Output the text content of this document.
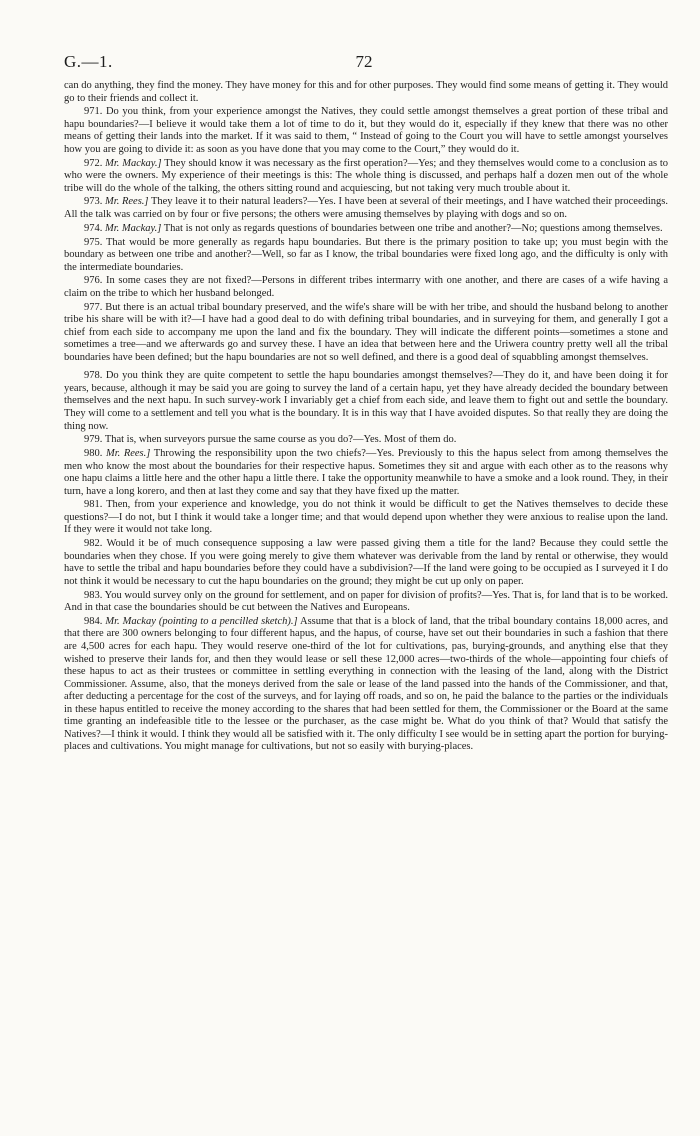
G.—1.	72

can do anything, they find the money. They have money for this and for other purposes. They would find some means of getting it. They would go to their friends and collect it.

971. Do you think, from your experience amongst the Natives, they could settle amongst themselves a great portion of these tribal and hapu boundaries?—I believe it would take them a lot of time to do it, but they would do it, especially if they knew that there was no other means of getting their lands into the market. If it was said to them, “ Instead of going to the Court you will have to settle amongst yourselves how you are going to divide it: as soon as you have done that you may come to the Court,” they would do it.

972. Mr. Mackay.] They should know it was necessary as the first operation?—Yes; and they themselves would come to a conclusion as to who were the owners. My experience of their meetings is this: The whole thing is discussed, and perhaps half a dozen men out of the whole tribe will do the whole of the talking, the others sitting round and acquiescing, but not taking very much trouble about it.

973. Mr. Rees.] They leave it to their natural leaders?—Yes. I have been at several of their meetings, and I have watched their proceedings. All the talk was carried on by four or five persons; the others were amusing themselves by playing with dogs and so on.

974. Mr. Mackay.] That is not only as regards questions of boundaries between one tribe and another?—No; questions among themselves.

975. That would be more generally as regards hapu boundaries. But there is the primary position to take up; you must begin with the boundary as between one tribe and another?—Well, so far as I know, the tribal boundaries were fixed long ago, and the difficulty is only with the intermediate boundaries.

976. In some cases they are not fixed?—Persons in different tribes intermarry with one another, and there are cases of a wife having a claim on the tribe to which her husband belonged.

977. But there is an actual tribal boundary preserved, and the wife's share will be with her tribe, and should the husband belong to another tribe his share will be with it?—I have had a good deal to do with defining tribal boundaries, and in surveying for them, and generally I got a chief from each side to accompany me upon the land and fix the boundary. They will indicate the different points—sometimes a stone and sometimes a tree—and we afterwards go and survey these. I have an idea that between here and the Uriwera country pretty well all the tribal boundaries have been defined; but the hapu boundaries are not so well defined, and there is a good deal of squabbling amongst themselves.

978. Do you think they are quite competent to settle the hapu boundaries amongst themselves?—They do it, and have been doing it for years, because, although it may be said you are going to survey the land of a certain hapu, yet they have already decided the boundary between themselves and the next hapu. In such survey-work I invariably get a chief from each side, and leave them to fight out and settle the boundary. They will come to a settlement and tell you what is the boundary. It is in this way that I have avoided disputes. So that really they are doing the thing now.

979. That is, when surveyors pursue the same course as you do?—Yes. Most of them do.

980. Mr. Rees.] Throwing the responsibility upon the two chiefs?—Yes. Previously to this the hapus select from among themselves the men who know the most about the boundaries for their respective hapus. Sometimes they sit and argue with each other as to the reasons why one hapu claims a little here and the other hapu a little there. I take the opportunity meanwhile to have a smoke and a look round. They, in their turn, have a long korero, and then at last they come and say that they have fixed up the matter.

981. Then, from your experience and knowledge, you do not think it would be difficult to get the Natives themselves to decide these questions?—I do not, but I think it would take a longer time; and that would depend upon whether they were anxious to realise upon the land. If they were it would not take long.

982. Would it be of much consequence supposing a law were passed giving them a title for the land? Because they could settle the boundaries when they chose. If you were going merely to give them whatever was derivable from the land by rental or otherwise, they would have to settle the tribal and hapu boundaries before they could have a subdivision?—If the land were going to be occupied as I surveyed it I do not think it would be necessary to cut the hapu boundaries on the ground; they might be cut up only on paper.

983. You would survey only on the ground for settlement, and on paper for division of profits?—Yes. That is, for land that is to be worked. And in that case the boundaries should be cut between the Natives and Europeans.

984. Mr. Mackay (pointing to a pencilled sketch).] Assume that that is a block of land, that the tribal boundary contains 18,000 acres, and that there are 300 owners belonging to four different hapus, and the hapus, of course, have set out their boundaries in such a fashion that there are 4,500 acres for each hapu. They would reserve one-third of the lot for cultivations, pas, burying-grounds, and anything else that they wished to preserve their lands for, and then they would lease or sell these 12,000 acres—two-thirds of the whole—appointing four chiefs of these hapus to act as their trustees or committee in settling everything in connection with the leasing of the land, along with the District Commissioner. Assume, also, that the moneys derived from the sale or lease of the land passed into the hands of the Commissioner, and that, after deducting a percentage for the cost of the surveys, and for laying off roads, and so on, he paid the balance to the parties or the individuals in these hapus entitled to receive the money according to the shares that had been settled for them, the Commissioner or the Board at the same time granting an indefeasible title to the lessee or the purchaser, as the case might be. What do you think of that? Would that satisfy the Natives?—I think it would. I think they would all be satisfied with it. The only difficulty I see would be in setting apart the portion for burying-places and cultivations. You might manage for cultivations, but not so easily with burying-places.
